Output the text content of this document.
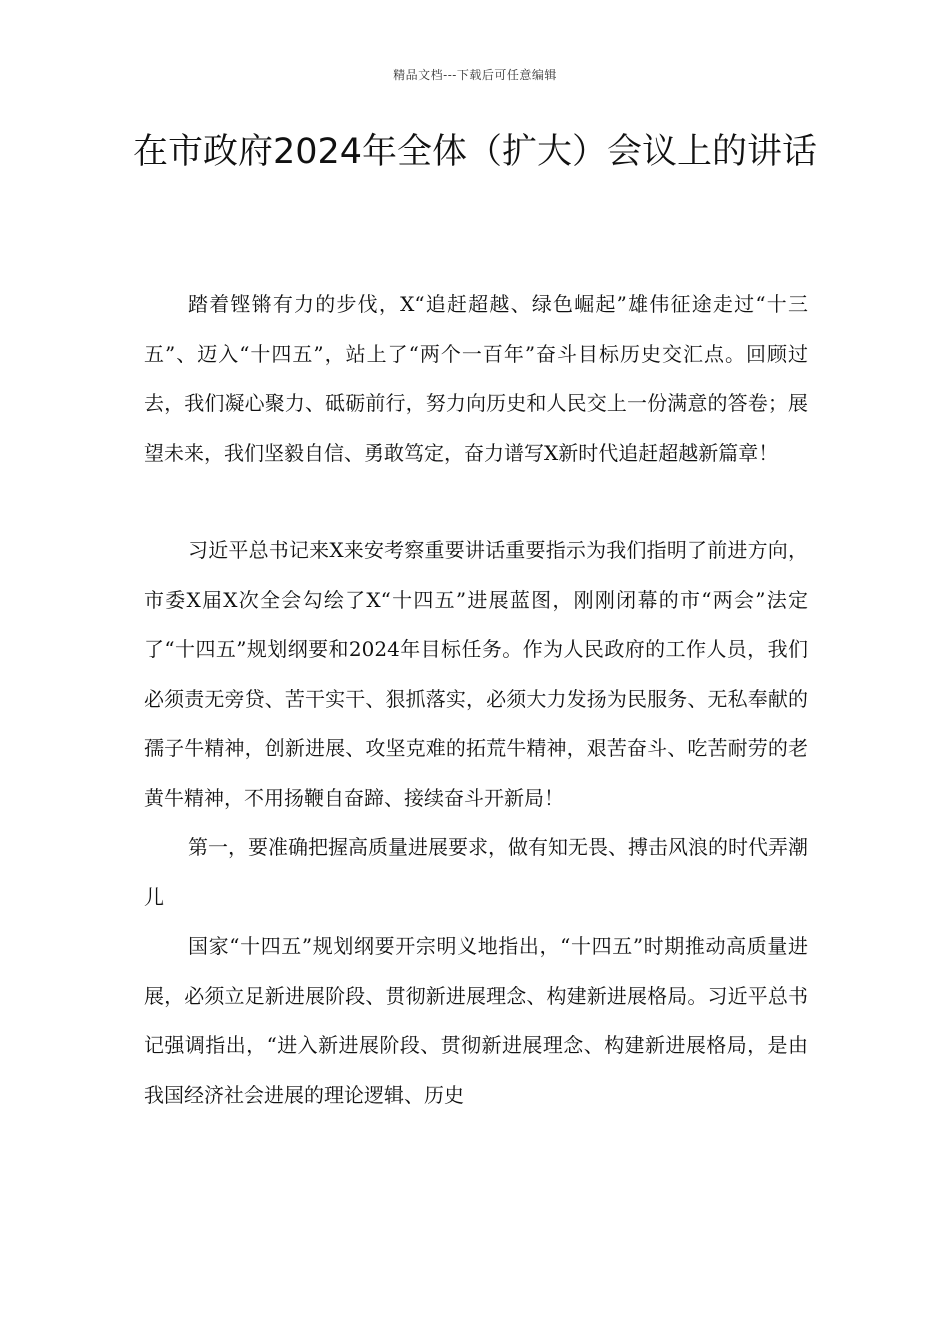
精品文档---下载后可任意编辑
在市政府2024年全体（扩大）会议上的讲话

踏着铿锵有力的步伐，X“追赶超越、绿色崛起”雄伟征途走过“十三五”、迈入“十四五”，站上了“两个一百年”奋斗目标历史交汇点。回顾过去，我们凝心聚力、砥砺前行，努力向历史和人民交上一份满意的答卷；展望未来，我们坚毅自信、勇敢笃定，奋力谱写X新时代追赶超越新篇章！

习近平总书记来X来安考察重要讲话重要指示为我们指明了前进方向，市委X届X次全会勾绘了X“十四五”进展蓝图，刚刚闭幕的市“两会”法定了“十四五”规划纲要和2024年目标任务。作为人民政府的工作人员，我们必须责无旁贷、苦干实干、狠抓落实，必须大力发扬为民服务、无私奉献的孺子牛精神，创新进展、攻坚克难的拓荒牛精神，艰苦奋斗、吃苦耐劳的老黄牛精神，不用扬鞭自奋蹄、接续奋斗开新局！

第一，要准确把握高质量进展要求，做有知无畏、搏击风浪的时代弄潮儿

国家“十四五”规划纲要开宗明义地指出，“十四五”时期推动高质量进展，必须立足新进展阶段、贯彻新进展理念、构建新进展格局。习近平总书记强调指出，“进入新进展阶段、贯彻新进展理念、构建新进展格局，是由我国经济社会进展的理论逻辑、历史
